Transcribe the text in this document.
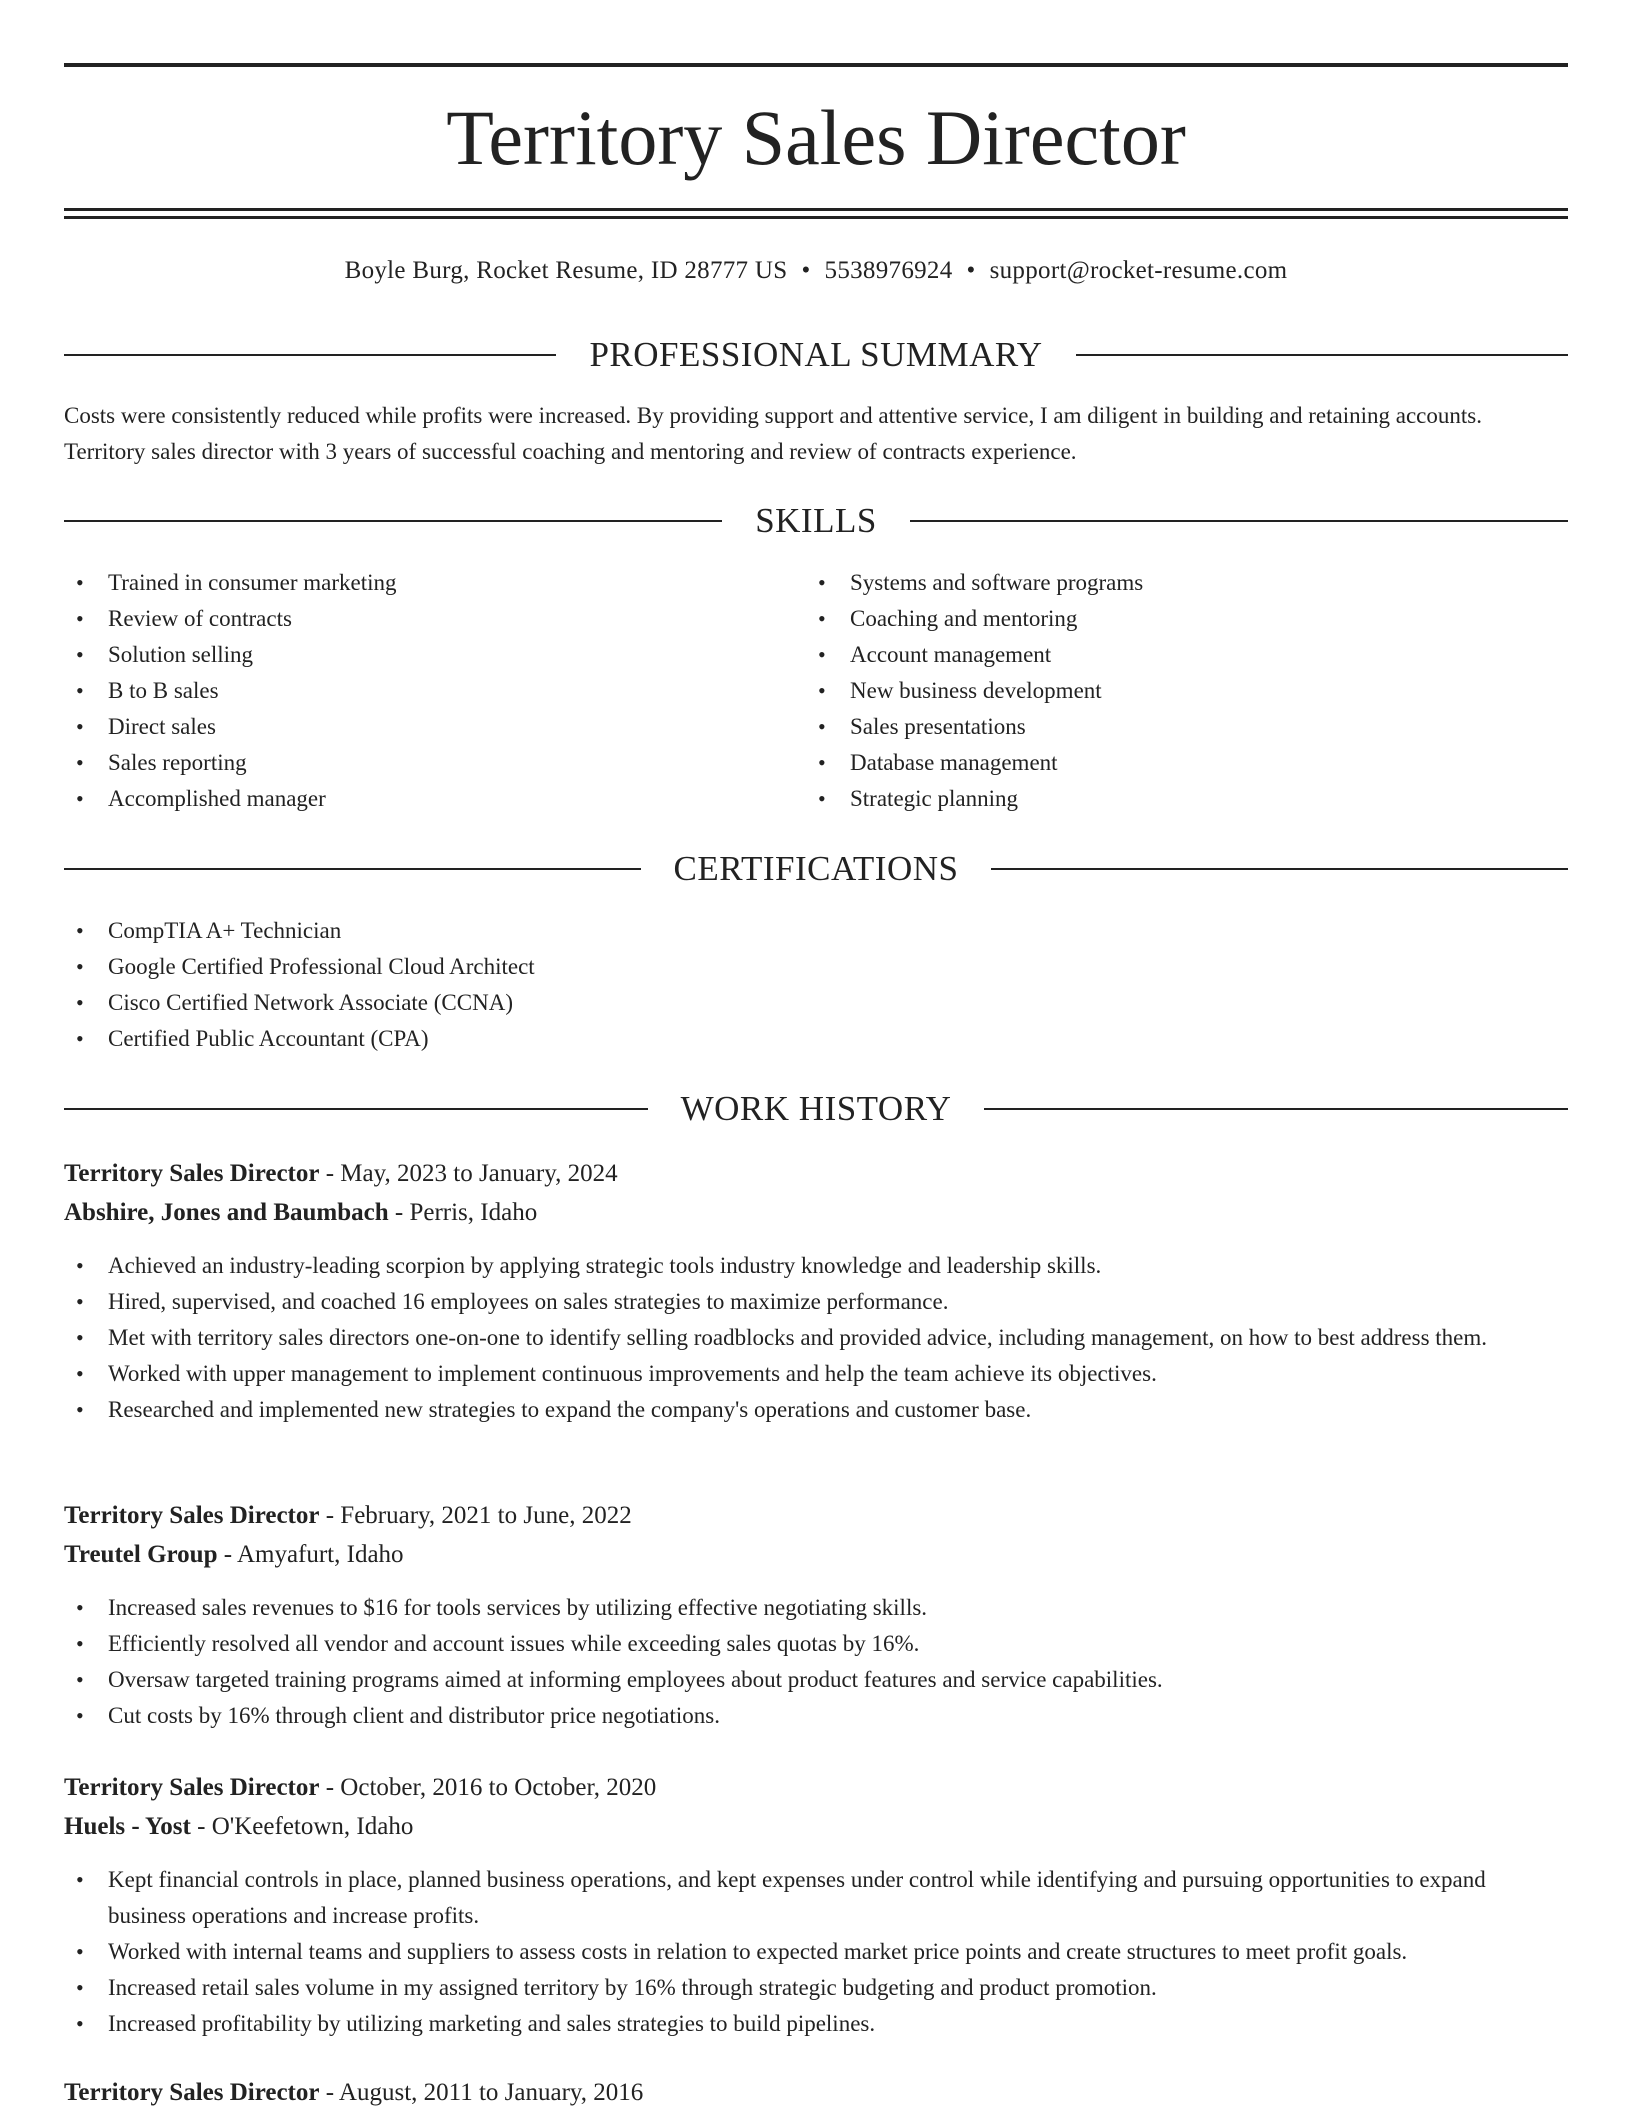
Territory Sales Director
Boyle Burg, Rocket Resume, ID 28777 US • 5538976924 • support@rocket-resume.com
PROFESSIONAL SUMMARY

Costs were consistently reduced while profits were increased. By providing support and attentive service, I am diligent in building and retaining accounts. Territory sales director with 3 years of successful coaching and mentoring and review of contracts experience.

SKILLS
• Trained in consumer marketing
• Review of contracts
• Solution selling
• B to B sales
• Direct sales
• Sales reporting
• Accomplished manager
• Systems and software programs
• Coaching and mentoring
• Account management
• New business development
• Sales presentations
• Database management
• Strategic planning
CERTIFICATIONS
• CompTIA A+ Technician
• Google Certified Professional Cloud Architect
• Cisco Certified Network Associate (CCNA)
• Certified Public Accountant (CPA)
WORK HISTORY
Territory Sales Director - May, 2023 to January, 2024
Abshire, Jones and Baumbach - Perris, Idaho
• Achieved an industry-leading scorpion by applying strategic tools industry knowledge and leadership skills.
• Hired, supervised, and coached 16 employees on sales strategies to maximize performance.
• Met with territory sales directors one-on-one to identify selling roadblocks and provided advice, including management, on how to best address them.
• Worked with upper management to implement continuous improvements and help the team achieve its objectives.
• Researched and implemented new strategies to expand the company's operations and customer base.
Territory Sales Director - February, 2021 to June, 2022
Treutel Group - Amyafurt, Idaho
• Increased sales revenues to $16 for tools services by utilizing effective negotiating skills.
• Efficiently resolved all vendor and account issues while exceeding sales quotas by 16%.
• Oversaw targeted training programs aimed at informing employees about product features and service capabilities.
• Cut costs by 16% through client and distributor price negotiations.
Territory Sales Director - October, 2016 to October, 2020
Huels - Yost - O'Keefetown, Idaho
• Kept financial controls in place, planned business operations, and kept expenses under control while identifying and pursuing opportunities to expand business operations and increase profits.
• Worked with internal teams and suppliers to assess costs in relation to expected market price points and create structures to meet profit goals.
• Increased retail sales volume in my assigned territory by 16% through strategic budgeting and product promotion.
• Increased profitability by utilizing marketing and sales strategies to build pipelines.
Territory Sales Director - August, 2011 to January, 2016
